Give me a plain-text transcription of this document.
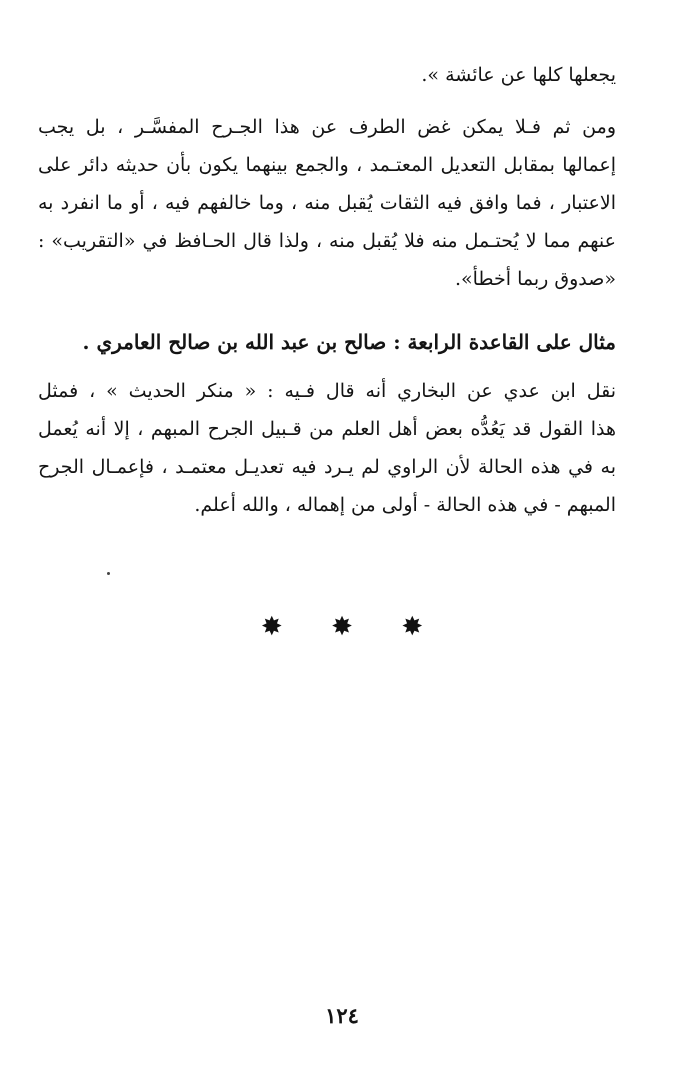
يجعلها كلها عن عائشة ».
ومن ثم فـلا يمكن غض الطرف عن هذا الجـرح المفسَّـر ، بل يجب
إعمالها بمقابل التعديل المعتـمد ، والجمع بينهما يكون بأن حديثه دائر على
الاعتبار ، فما وافق فيه الثقات يُقبل منه ، وما خالفهم فيه ، أو ما انفرد به
عنهم مما لا يُحتـمل منه فلا يُقبل منه ، ولذا قال الحـافظ في «التقريب» :
«صدوق ربما أخطأ».
مثال على القاعدة الرابعة : صالح بن عبد الله بن صالح العامري .
نقل ابن عدي عن البخاري أنه قال فـيه : « منكر الحديث » ، فمثل
هذا القول قد يَعُدُّه بعض أهل العلم من قـبيل الجرح المبهم ، إلا أنه يُعمل
به في هذه الحالة لأن الراوي لم يـرد فيه تعديـل معتمـد ، فإعمـال الجرح
المبهم - في هذه الحالة - أولى من إهماله ، والله أعلم.
✸ ✸ ✸
١٢٤
